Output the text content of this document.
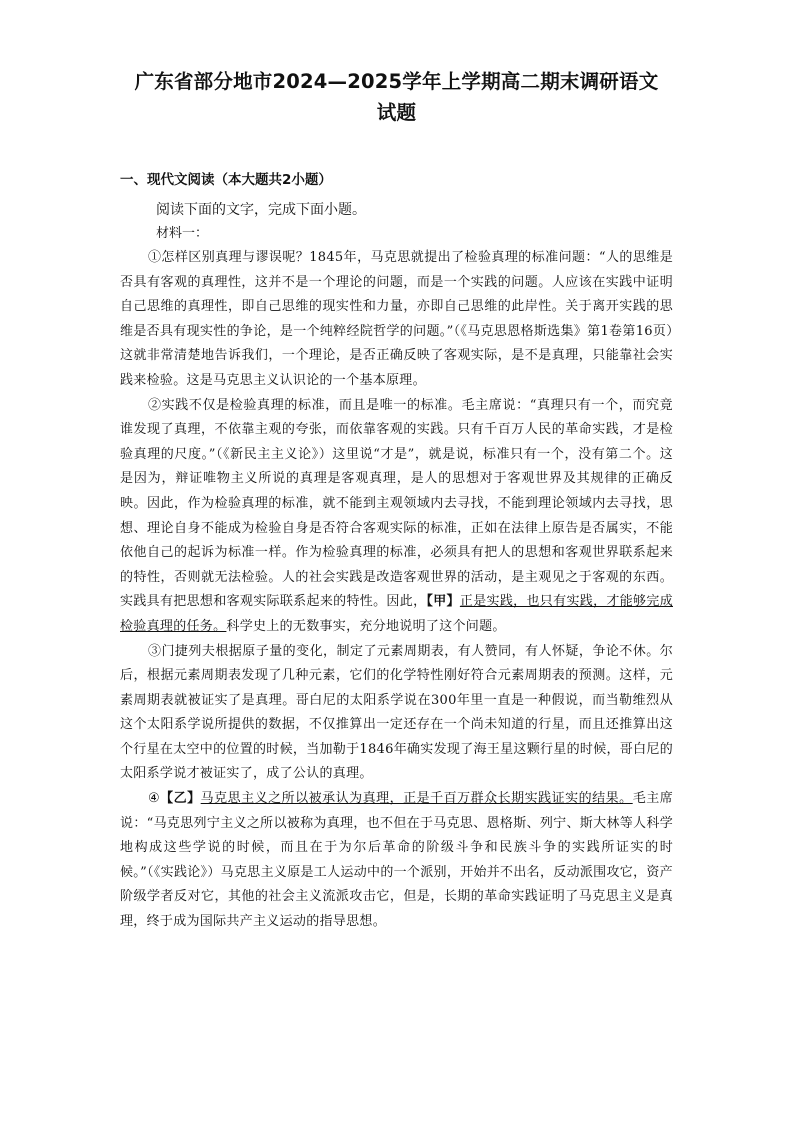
广东省部分地市2024—2025学年上学期高二期末调研语文
试题
一、现代文阅读（本大题共2小题）
阅读下面的文字，完成下面小题。
材料一：

①怎样区别真理与谬误呢？1845年，马克思就提出了检验真理的标准问题：“人的思维是否具有客观的真理性，这并不是一个理论的问题，而是一个实践的问题。人应该在实践中证明自己思维的真理性，即自己思维的现实性和力量，亦即自己思维的此岸性。关于离开实践的思维是否具有现实性的争论，是一个纯粹经院哲学的问题。”（《马克思恩格斯选集》第1卷第16页）这就非常清楚地告诉我们，一个理论，是否正确反映了客观实际，是不是真理，只能靠社会实践来检验。这是马克思主义认识论的一个基本原理。

②实践不仅是检验真理的标准，而且是唯一的标准。毛主席说：“真理只有一个，而究竟谁发现了真理，不依靠主观的夸张，而依靠客观的实践。只有千百万人民的革命实践，才是检验真理的尺度。”（《新民主主义论》）这里说“才是”，就是说，标准只有一个，没有第二个。这是因为，辩证唯物主义所说的真理是客观真理，是人的思想对于客观世界及其规律的正确反映。因此，作为检验真理的标准，就不能到主观领域内去寻找，不能到理论领域内去寻找，思想、理论自身不能成为检验自身是否符合客观实际的标准，正如在法律上原告是否属实，不能依他自己的起诉为标准一样。作为检验真理的标准，必须具有把人的思想和客观世界联系起来的特性，否则就无法检验。人的社会实践是改造客观世界的活动，是主观见之于客观的东西。实践具有把思想和客观实际联系起来的特性。因此，【甲】正是实践，也只有实践，才能够完成检验真理的任务。科学史上的无数事实，充分地说明了这个问题。

③门捷列夫根据原子量的变化，制定了元素周期表，有人赞同，有人怀疑，争论不休。尔后，根据元素周期表发现了几种元素，它们的化学特性刚好符合元素周期表的预测。这样，元素周期表就被证实了是真理。哥白尼的太阳系学说在300年里一直是一种假说，而当勒维烈从这个太阳系学说所提供的数据，不仅推算出一定还存在一个尚未知道的行星，而且还推算出这个行星在太空中的位置的时候，当加勒于1846年确实发现了海王星这颗行星的时候，哥白尼的太阳系学说才被证实了，成了公认的真理。

④【乙】马克思主义之所以被承认为真理，正是千百万群众长期实践证实的结果。毛主席说：“马克思列宁主义之所以被称为真理，也不但在于马克思、恩格斯、列宁、斯大林等人科学地构成这些学说的时候，而且在于为尔后革命的阶级斗争和民族斗争的实践所证实的时候。”（《实践论》）马克思主义原是工人运动中的一个派别，开始并不出名，反动派围攻它，资产阶级学者反对它，其他的社会主义流派攻击它，但是，长期的革命实践证明了马克思主义是真理，终于成为国际共产主义运动的指导思想。
